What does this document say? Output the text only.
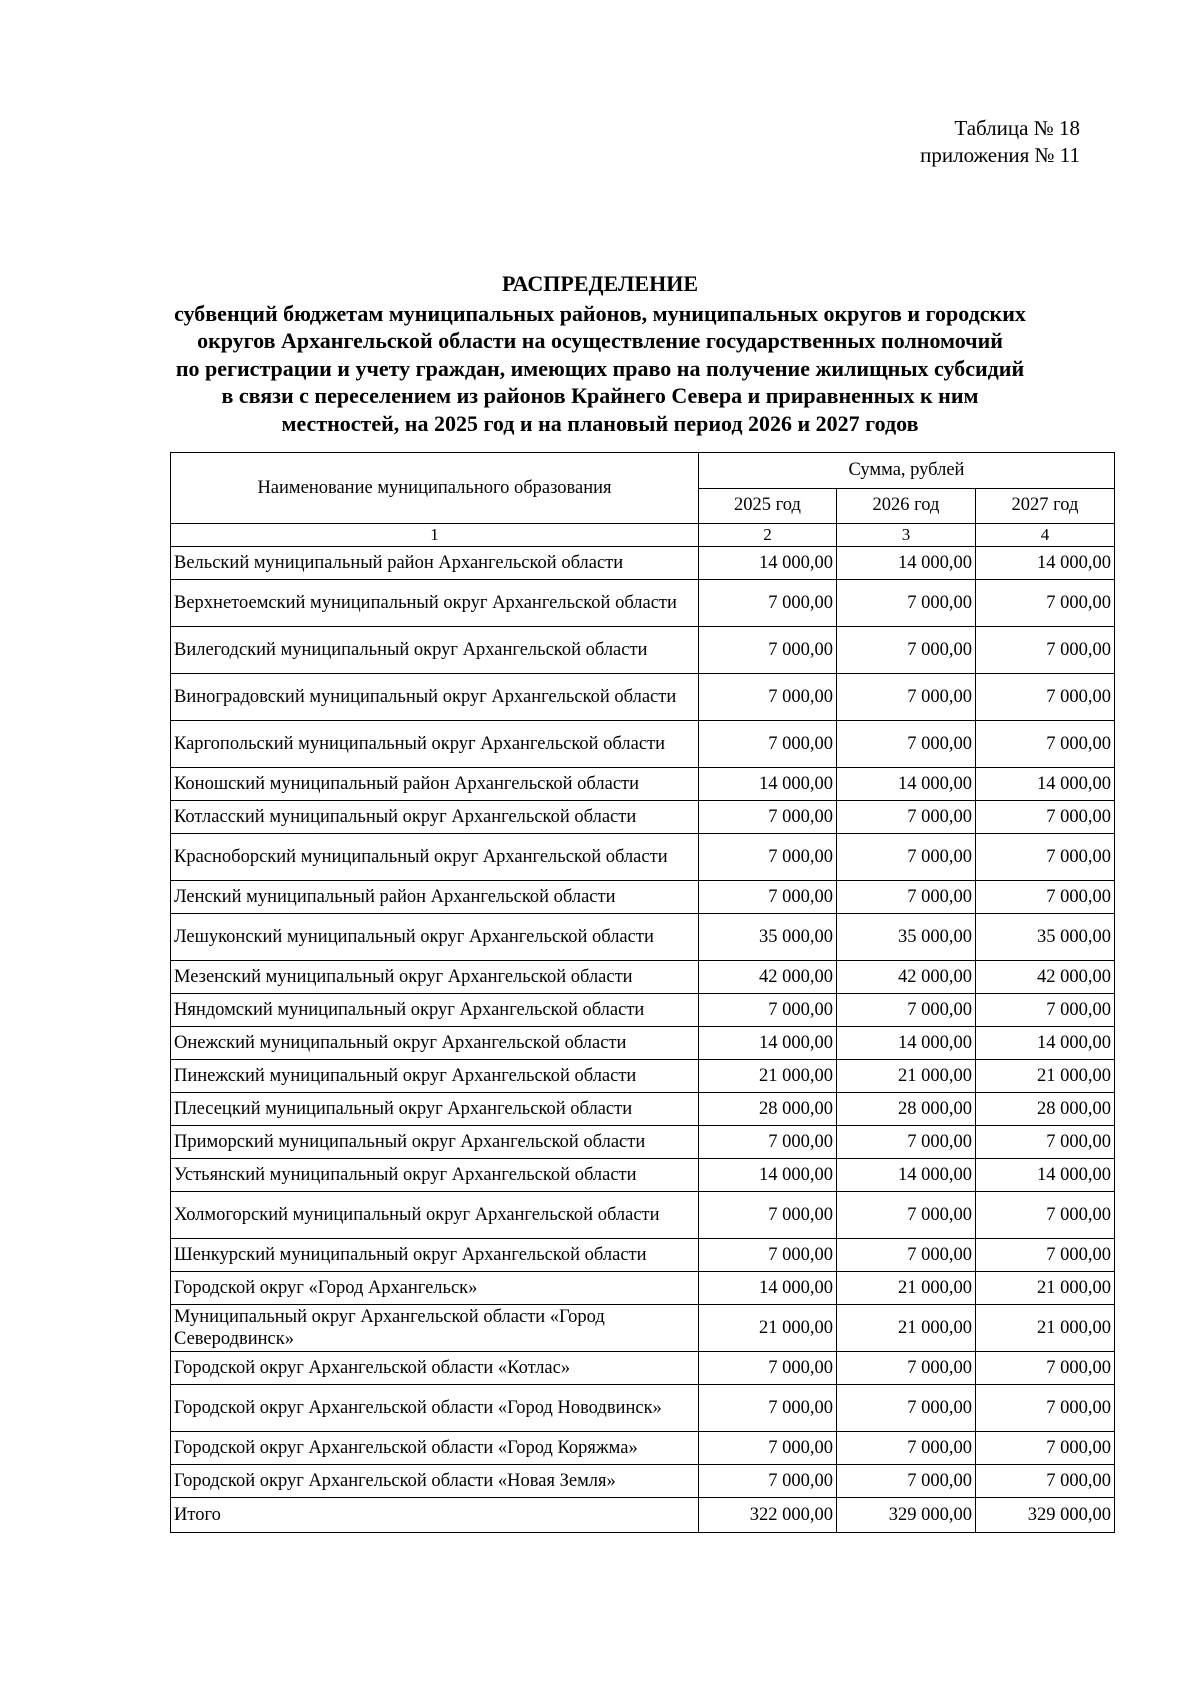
Таблица № 18
приложения № 11
РАСПРЕДЕЛЕНИЕ
субвенций бюджетам муниципальных районов, муниципальных округов и городских
округов Архангельской области на осуществление государственных полномочий
по регистрации и учету граждан, имеющих право на получение жилищных субсидий
в связи с переселением из районов Крайнего Севера и приравненных к ним
местностей, на 2025 год и на плановый период 2026 и 2027 годов
Наименование муниципального образования	Сумма, рублей		
	2025 год	2026 год	2027 год
1	2	3	4
Вельский муниципальный район Архангельской области	14 000,00	14 000,00	14 000,00
Верхнетоемский муниципальный округ Архангельской области	7 000,00	7 000,00	7 000,00
Вилегодский муниципальный округ Архангельской области	7 000,00	7 000,00	7 000,00
Виноградовский муниципальный округ Архангельской области	7 000,00	7 000,00	7 000,00
Каргопольский муниципальный округ Архангельской области	7 000,00	7 000,00	7 000,00
Коношский муниципальный район Архангельской области	14 000,00	14 000,00	14 000,00
Котласский муниципальный округ Архангельской области	7 000,00	7 000,00	7 000,00
Красноборский муниципальный округ Архангельской области	7 000,00	7 000,00	7 000,00
Ленский муниципальный район Архангельской области	7 000,00	7 000,00	7 000,00
Лешуконский муниципальный округ Архангельской области	35 000,00	35 000,00	35 000,00
Мезенский муниципальный округ Архангельской области	42 000,00	42 000,00	42 000,00
Няндомский муниципальный округ Архангельской области	7 000,00	7 000,00	7 000,00
Онежский муниципальный округ Архангельской области	14 000,00	14 000,00	14 000,00
Пинежский муниципальный округ Архангельской области	21 000,00	21 000,00	21 000,00
Плесецкий муниципальный округ Архангельской области	28 000,00	28 000,00	28 000,00
Приморский муниципальный округ Архангельской области	7 000,00	7 000,00	7 000,00
Устьянский муниципальный округ Архангельской области	14 000,00	14 000,00	14 000,00
Холмогорский муниципальный округ Архангельской области	7 000,00	7 000,00	7 000,00
Шенкурский муниципальный округ Архангельской области	7 000,00	7 000,00	7 000,00
Городской округ «Город Архангельск»	14 000,00	21 000,00	21 000,00
Муниципальный округ Архангельской области «Город Северодвинск»	21 000,00	21 000,00	21 000,00
Городской округ Архангельской области «Котлас»	7 000,00	7 000,00	7 000,00
Городской округ Архангельской области «Город Новодвинск»	7 000,00	7 000,00	7 000,00
Городской округ Архангельской области «Город Коряжма»	7 000,00	7 000,00	7 000,00
Городской округ Архангельской области «Новая Земля»	7 000,00	7 000,00	7 000,00
Итого	322 000,00	329 000,00	329 000,00
